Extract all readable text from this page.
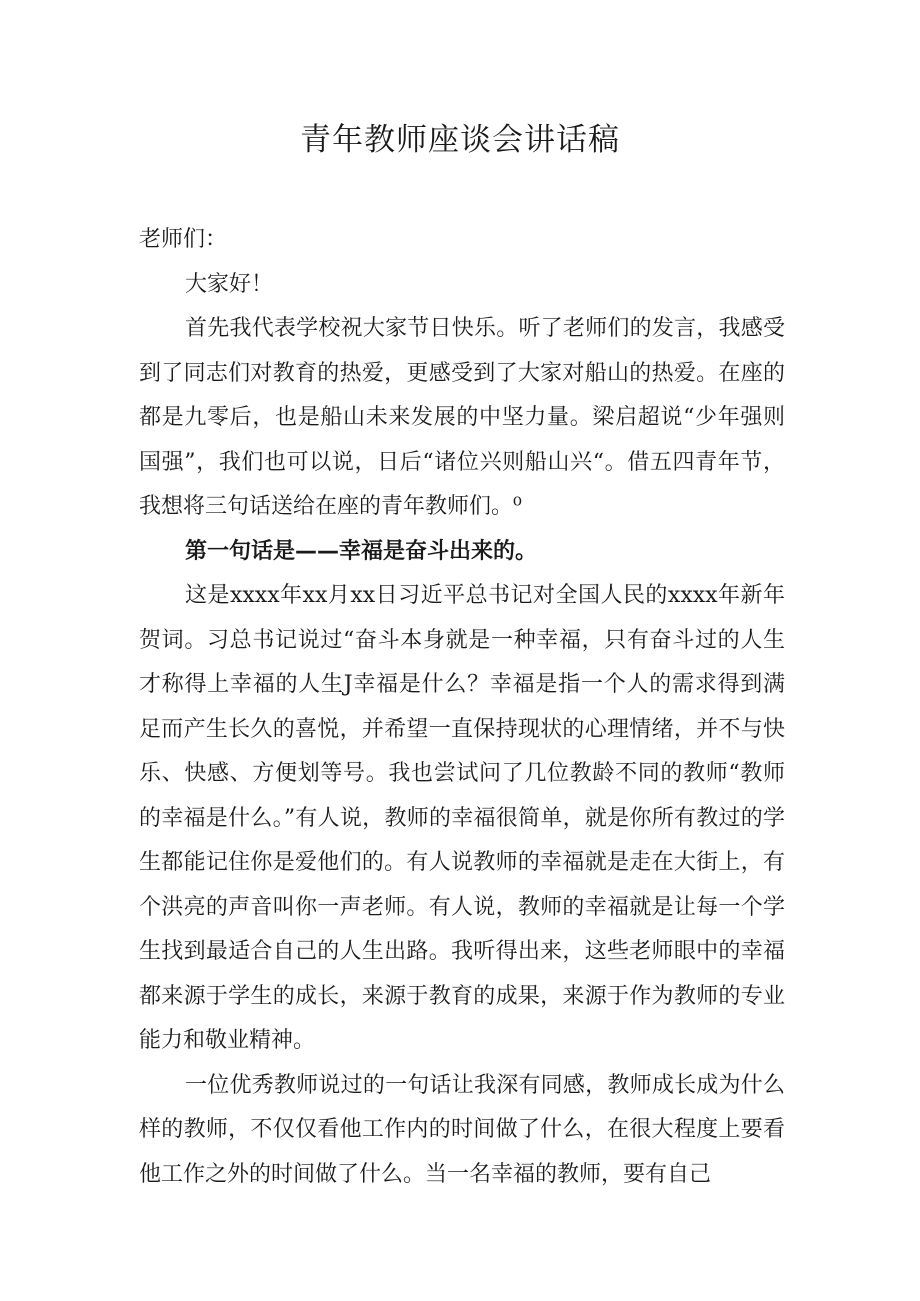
青年教师座谈会讲话稿

老师们：

大家好！

首先我代表学校祝大家节日快乐。听了老师们的发言，我感受到了同志们对教育的热爱，更感受到了大家对船山的热爱。在座的都是九零后，也是船山未来发展的中坚力量。梁启超说“少年强则国强”，我们也可以说，日后“诸位兴则船山兴“。借五四青年节，我想将三句话送给在座的青年教师们。⁰

第一句话是——幸福是奋斗出来的。

这是xxxx年xx月xx日习近平总书记对全国人民的xxxx年新年贺词。习总书记说过“奋斗本身就是一种幸福，只有奋斗过的人生才称得上幸福的人生J幸福是什么？幸福是指一个人的需求得到满足而产生长久的喜悦，并希望一直保持现状的心理情绪，并不与快乐、快感、方便划等号。我也尝试问了几位教龄不同的教师“教师的幸福是什么。”有人说，教师的幸福很简单，就是你所有教过的学生都能记住你是爱他们的。有人说教师的幸福就是走在大街上，有个洪亮的声音叫你一声老师。有人说，教师的幸福就是让每一个学生找到最适合自己的人生出路。我听得出来，这些老师眼中的幸福都来源于学生的成长，来源于教育的成果，来源于作为教师的专业能力和敬业精神。

一位优秀教师说过的一句话让我深有同感，教师成长成为什么样的教师，不仅仅看他工作内的时间做了什么，在很大程度上要看他工作之外的时间做了什么。当一名幸福的教师，要有自己
